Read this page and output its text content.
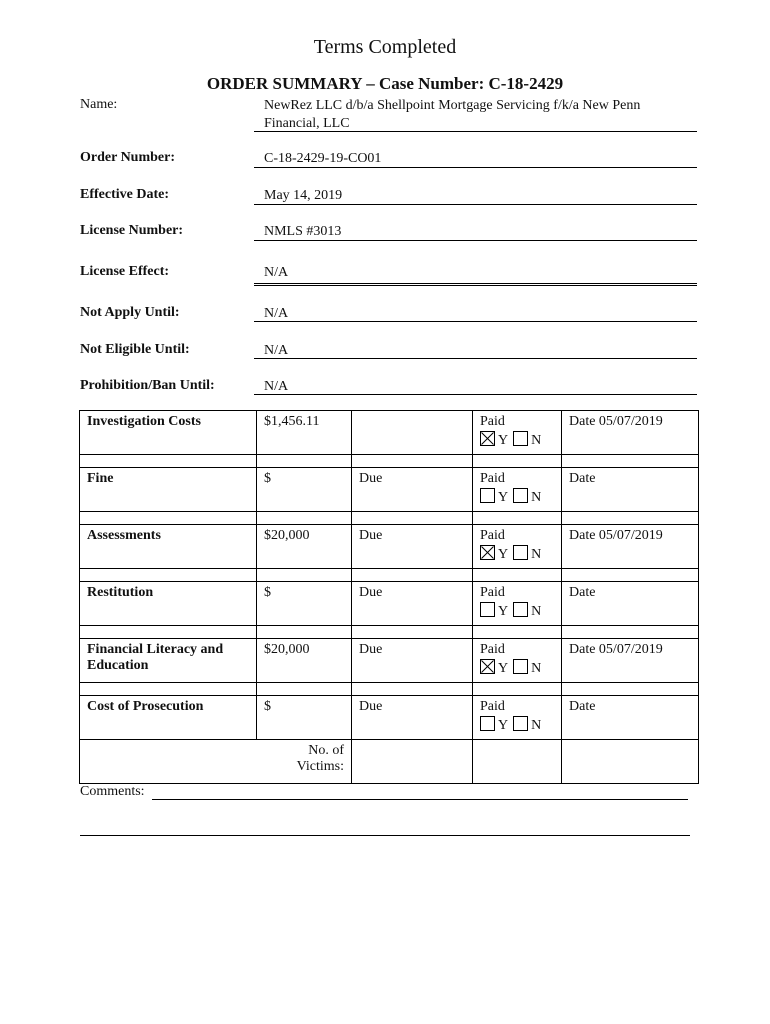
Terms Completed
ORDER SUMMARY – Case Number: C-18-2429
Name:	NewRez LLC d/b/a Shellpoint Mortgage Servicing f/k/a New Penn
Financial, LLC
Order Number:	C-18-2429-19-CO01
Effective Date:	May 14, 2019
License Number:	NMLS #3013
License Effect:	N/A
Not Apply Until:	N/A
Not Eligible Until:	N/A
Prohibition/Ban Until:	N/A
Investigation Costs	$1,456.11		Paid
Y N	Date 05/07/2019

Fine	$	Due	Paid
Y N	Date

Assessments	$20,000	Due	Paid
Y N	Date 05/07/2019

Restitution	$	Due	Paid
Y N	Date

Financial Literacy and Education	$20,000	Due	Paid
Y N	Date 05/07/2019

Cost of Prosecution	$	Due	Paid
Y N	Date

No. of
Victims:				

Comments:
